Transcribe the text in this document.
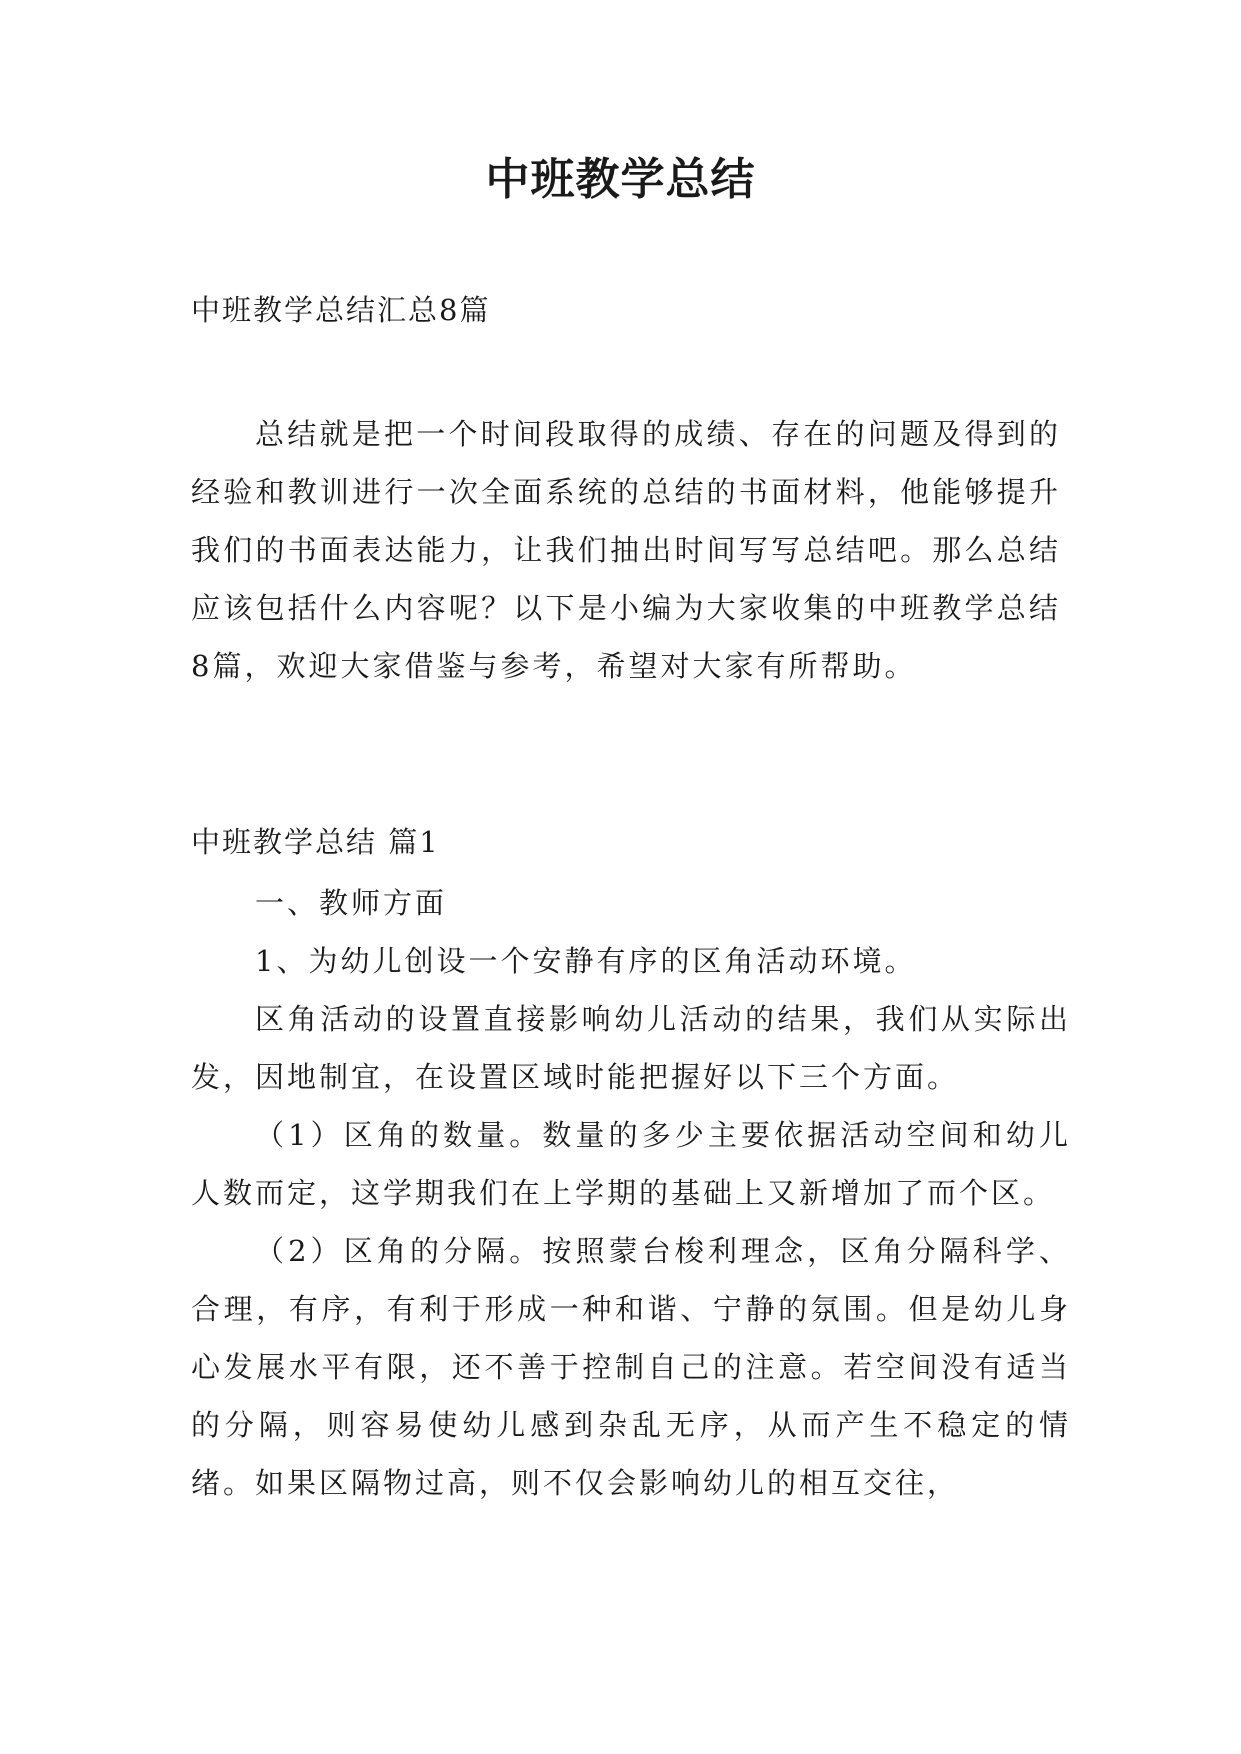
中班教学总结
中班教学总结汇总8篇

总结就是把一个时间段取得的成绩、存在的问题及得到的经验和教训进行一次全面系统的总结的书面材料，他能够提升我们的书面表达能力，让我们抽出时间写写总结吧。那么总结应该包括什么内容呢？以下是小编为大家收集的中班教学总结8篇，欢迎大家借鉴与参考，希望对大家有所帮助。

中班教学总结 篇1

一、教师方面

1、为幼儿创设一个安静有序的区角活动环境。

区角活动的设置直接影响幼儿活动的结果，我们从实际出发，因地制宜，在设置区域时能把握好以下三个方面。

（1）区角的数量。数量的多少主要依据活动空间和幼儿人数而定，这学期我们在上学期的基础上又新增加了而个区。

（2）区角的分隔。按照蒙台梭利理念，区角分隔科学、合理，有序，有利于形成一种和谐、宁静的氛围。但是幼儿身心发展水平有限，还不善于控制自己的注意。若空间没有适当的分隔，则容易使幼儿感到杂乱无序，从而产生不稳定的情绪。如果区隔物过高，则不仅会影响幼儿的相互交往，
